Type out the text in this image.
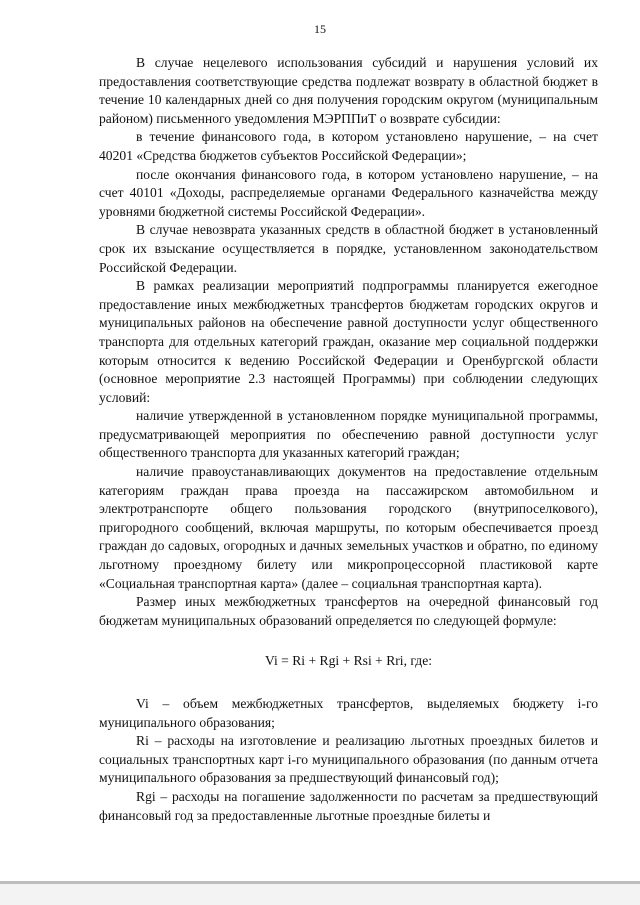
15

В случае нецелевого использования субсидий и нарушения условий их предоставления соответствующие средства подлежат возврату в областной бюджет в течение 10 календарных дней со дня получения городским округом (муниципальным районом) письменного уведомления МЭРППиТ о возврате субсидии:

в течение финансового года, в котором установлено нарушение, – на счет 40201 «Средства бюджетов субъектов Российской Федерации»;

после окончания финансового года, в котором установлено нарушение, – на счет 40101 «Доходы, распределяемые органами Федерального казначейства между уровнями бюджетной системы Российской Федерации».

В случае невозврата указанных средств в областной бюджет в установленный срок их взыскание осуществляется в порядке, установленном законодательством Российской Федерации.

В рамках реализации мероприятий подпрограммы планируется ежегодное предоставление иных межбюджетных трансфертов бюджетам городских округов и муниципальных районов на обеспечение равной доступности услуг общественного транспорта для отдельных категорий граждан, оказание мер социальной поддержки которым относится к ведению Российской Федерации и Оренбургской области (основное мероприятие 2.3 настоящей Программы) при соблюдении следующих условий:

наличие утвержденной в установленном порядке муниципальной программы, предусматривающей мероприятия по обеспечению равной доступности услуг общественного транспорта для указанных категорий граждан;

наличие правоустанавливающих документов на предоставление отдельным категориям граждан права проезда на пассажирском автомобильном и электротранспорте общего пользования городского (внутрипоселкового), пригородного сообщений, включая маршруты, по которым обеспечивается проезд граждан до садовых, огородных и дачных земельных участков и обратно, по единому льготному проездному билету или микропроцессорной пластиковой карте «Социальная транспортная карта» (далее – социальная транспортная карта).

Размер иных межбюджетных трансфертов на очередной финансовый год бюджетам муниципальных образований определяется по следующей формуле:

Vi = Ri + Rgi + Rsi + Rri, где:

Vi – объем межбюджетных трансфертов, выделяемых бюджету i-го муниципального образования;

Ri – расходы на изготовление и реализацию льготных проездных билетов и социальных транспортных карт i-го муниципального образования (по данным отчета муниципального образования за предшествующий финансовый год);

Rgi – расходы на погашение задолженности по расчетам за предшествующий финансовый год за предоставленные льготные проездные билеты и
